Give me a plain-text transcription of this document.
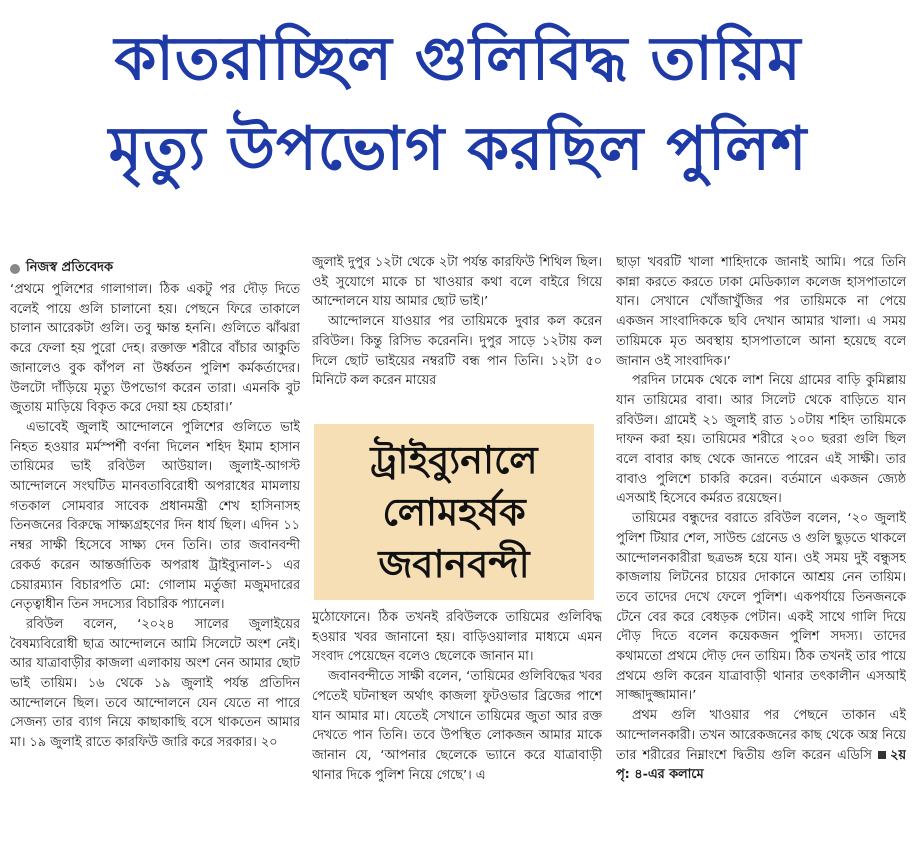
কাতরাচ্ছিল গুলিবিদ্ধ তায়িম
মৃত্যু উপভোগ করছিল পুলিশ
নিজস্ব প্রতিবেদক

‘প্রথমে পুলিশের গালাগাল। ঠিক একটু পর দৌড় দিতে বলেই পায়ে গুলি চালানো হয়। পেছনে ফিরে তাকালে চালান আরেকটা গুলি। তবু ক্ষান্ত হননি। গুলিতে ঝাঁঝরা করে ফেলা হয় পুরো দেহ। রক্তাক্ত শরীরে বাঁচার আকুতি জানালেও বুক কাঁপল না উর্ধ্বতন পুলিশ কর্মকর্তাদের। উলটো দাঁড়িয়ে মৃত্যু উপভোগ করেন তারা। এমনকি বুট জুতায় মাড়িয়ে বিকৃত করে দেয়া হয় চেহারা।’

এভাবেই জুলাই আন্দোলনে পুলিশের গুলিতে ভাই নিহত হওয়ার মর্মস্পর্শী বর্ণনা দিলেন শহিদ ইমাম হাসান তায়িমের ভাই রবিউল আউয়াল। জুলাই-আগস্ট আন্দোলনে সংঘটিত মানবতাবিরোধী অপরাধের মামলায় গতকাল সোমবার সাবেক প্রধানমন্ত্রী শেখ হাসিনাসহ তিনজনের বিরুদ্ধে সাক্ষ্যগ্রহণের দিন ধার্য ছিল। এদিন ১১ নম্বর সাক্ষী হিসেবে সাক্ষ্য দেন তিনি। তার জবানবন্দী রেকর্ড করেন আন্তর্জাতিক অপরাধ ট্রাইব্যুনাল-১ এর চেয়ারম্যান বিচারপতি মো: গোলাম মর্তুজা মজুমদারের নেতৃত্বাধীন তিন সদস্যের বিচারিক প্যানেল।

রবিউল বলেন, ‘২০২৪ সালের জুলাইয়ের বৈষম্যবিরোধী ছাত্র আন্দোলনে আমি সিলেটে অংশ নেই। আর যাত্রাবাড়ীর কাজলা এলাকায় অংশ নেন আমার ছোট ভাই তায়িম। ১৬ থেকে ১৯ জুলাই পর্যন্ত প্রতিদিন আন্দোলনে ছিল। তবে আন্দোলনে যেন যেতে না পারে সেজন্য তার ব্যাগ নিয়ে কাছাকাছি বসে থাকতেন আমার মা। ১৯ জুলাই রাতে কারফিউ জারি করে সরকার। ২০

জুলাই দুপুর ১২টা থেকে ২টা পর্যন্ত কারফিউ শিথিল ছিল। ওই সুযোগে মাকে চা খাওয়ার কথা বলে বাইরে গিয়ে আন্দোলনে যায় আমার ছোট ভাই।’

আন্দোলনে যাওয়ার পর তায়িমকে দুবার কল করেন রবিউল। কিন্তু রিসিভ করেননি। দুপুর সাড়ে ১২টায় কল দিলে ছোট ভাইয়ের নম্বরটি বন্ধ পান তিনি। ১২টা ৫০ মিনিটে কল করেন মায়ের

ট্রাইব্যুনালে
লোমহর্ষক
জবানবন্দী

মুঠোফোনে। ঠিক তখনই রবিউলকে তায়িমের গুলিবিদ্ধ হওয়ার খবর জানানো হয়। বাড়িওয়ালার মাধ্যমে এমন সংবাদ পেয়েছেন বলেও ছেলেকে জানান মা।

জবানবন্দীতে সাক্ষী বলেন, ‘তায়িমের গুলিবিদ্ধের খবর পেতেই ঘটনাস্থল অর্থাৎ কাজলা ফুটওভার ব্রিজের পাশে যান আমার মা। যেতেই সেখানে তায়িমের জুতা আর রক্ত দেখতে পান তিনি। তবে উপস্থিত লোকজন আমার মাকে জানান যে, ‘আপনার ছেলেকে ভ্যানে করে যাত্রাবাড়ী থানার দিকে পুলিশ নিয়ে গেছে’। এ

ছাড়া খবরটি খালা শাহিদাকে জানাই আমি। পরে তিনি কান্না করতে করতে ঢাকা মেডিক্যাল কলেজ হাসপাতালে যান। সেখানে খোঁজাখুঁজির পর তায়িমকে না পেয়ে একজন সাংবাদিককে ছবি দেখান আমার খালা। এ সময় তায়িমকে মৃত অবস্থায় হাসপাতালে আনা হয়েছে বলে জানান ওই সাংবাদিক।’

পরদিন ঢামেক থেকে লাশ নিয়ে গ্রামের বাড়ি কুমিল্লায় যান তায়িমের বাবা। আর সিলেট থেকে বাড়িতে যান রবিউল। গ্রামেই ২১ জুলাই রাত ১০টায় শহিদ তায়িমকে দাফন করা হয়। তায়িমের শরীরে ২০০ ছররা গুলি ছিল বলে বাবার কাছ থেকে জানতে পারেন এই সাক্ষী। তার বাবাও পুলিশে চাকরি করেন। বর্তমানে একজন জ্যেষ্ঠ এসআই হিসেবে কর্মরত রয়েছেন।

তায়িমের বন্ধুদের বরাতে রবিউল বলেন, ‘২০ জুলাই পুলিশ টিয়ার শেল, সাউন্ড গ্রেনেড ও গুলি ছুড়তে থাকলে আন্দোলনকারীরা ছত্রভঙ্গ হয়ে যান। ওই সময় দুই বন্ধুসহ কাজলায় লিটনের চায়ের দোকানে আশ্রয় নেন তায়িম। তবে তাদের দেখে ফেলে পুলিশ। একপর্যায়ে তিনজনকে টেনে বের করে বেধড়ক পেটান। একই সাথে গালি দিয়ে দৌড় দিতে বলেন কয়েকজন পুলিশ সদস্য। তাদের কথামতো প্রথমে দৌড় দেন তায়িম। ঠিক তখনই তার পায়ে প্রথমে গুলি করেন যাত্রাবাড়ী থানার তৎকালীন এসআই সাজ্জাদুজ্জামান।’

প্রথম গুলি খাওয়ার পর পেছনে তাকান এই আন্দোলনকারী। তখন আরেকজনের কাছ থেকে অস্ত্র নিয়ে তার শরীরের নিম্নাংশে দ্বিতীয় গুলি করেন এডিসি ২য় পৃ: ৪-এর কলামে
